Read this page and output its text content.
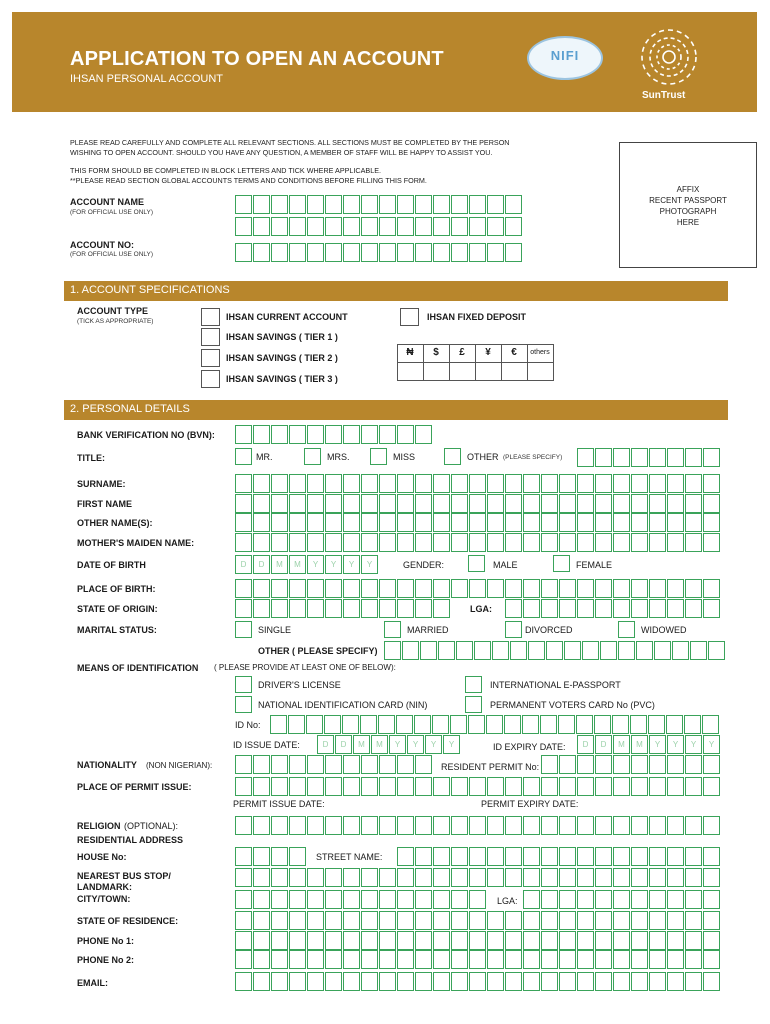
APPLICATION TO OPEN AN ACCOUNT
IHSAN PERSONAL ACCOUNT
NIFI

SunTrust
PLEASE READ CAREFULLY AND COMPLETE ALL RELEVANT SECTIONS. ALL SECTIONS MUST BE COMPLETED BY THE PERSON
WISHING TO OPEN ACCOUNT. SHOULD YOU HAVE ANY QUESTION, A MEMBER OF STAFF WILL BE HAPPY TO ASSIST YOU.
THIS FORM SHOULD BE COMPLETED IN BLOCK LETTERS AND TICK WHERE APPLICABLE.
**PLEASE READ SECTION GLOBAL ACCOUNTS TERMS AND CONDITIONS BEFORE FILLING THIS FORM.
AFFIX
RECENT PASSPORT
PHOTOGRAPH
HERE
ACCOUNT NAME
(FOR OFFICIAL USE ONLY)
ACCOUNT NO:
(FOR OFFICIAL USE ONLY)
1. ACCOUNT SPECIFICATIONS
ACCOUNT TYPE
(TICK AS APPROPRIATE)	IHSAN CURRENT ACCOUNT
IHSAN SAVINGS ( TIER 1 )
IHSAN SAVINGS ( TIER 2 )
IHSAN SAVINGS ( TIER 3 )
IHSAN FIXED DEPOSIT
₦	$	£	¥	€	others
2. PERSONAL DETAILS
BANK VERIFICATION NO (BVN):
TITLE:	MR.	MRS.	MISS	OTHER (PLEASE SPECIFY)
SURNAME:
FIRST NAME
OTHER NAME(S):
MOTHER'S MAIDEN NAME:
DATE OF BIRTH	D	D	M	M	Y	Y	Y	Y	GENDER:	MALE	FEMALE
PLACE OF BIRTH:
STATE OF ORIGIN:	LGA:
MARITAL STATUS:	SINGLE	MARRIED	DIVORCED	WIDOWED
OTHER ( PLEASE SPECIFY)
MEANS OF IDENTIFICATION ( PLEASE PROVIDE AT LEAST ONE OF BELOW):
DRIVER'S LICENSE
NATIONAL IDENTIFICATION CARD (NIN)
INTERNATIONAL E-PASSPORT
PERMANENT VOTERS CARD No (PVC)
ID No:
ID ISSUE DATE:	D	D	M	M	Y	Y	Y	Y	ID EXPIRY DATE:	D	D	M	M	Y	Y	Y	Y
NATIONALITY (NON NIGERIAN):	RESIDENT PERMIT No:
PLACE OF PERMIT ISSUE:
PERMIT ISSUE DATE:	PERMIT EXPIRY DATE:
RELIGION (OPTIONAL):
RESIDENTIAL ADDRESS
HOUSE No:	STREET NAME:
NEAREST BUS STOP/
LANDMARK:
CITY/TOWN:	LGA:
STATE OF RESIDENCE:
PHONE No 1:
PHONE No 2:
EMAIL:
